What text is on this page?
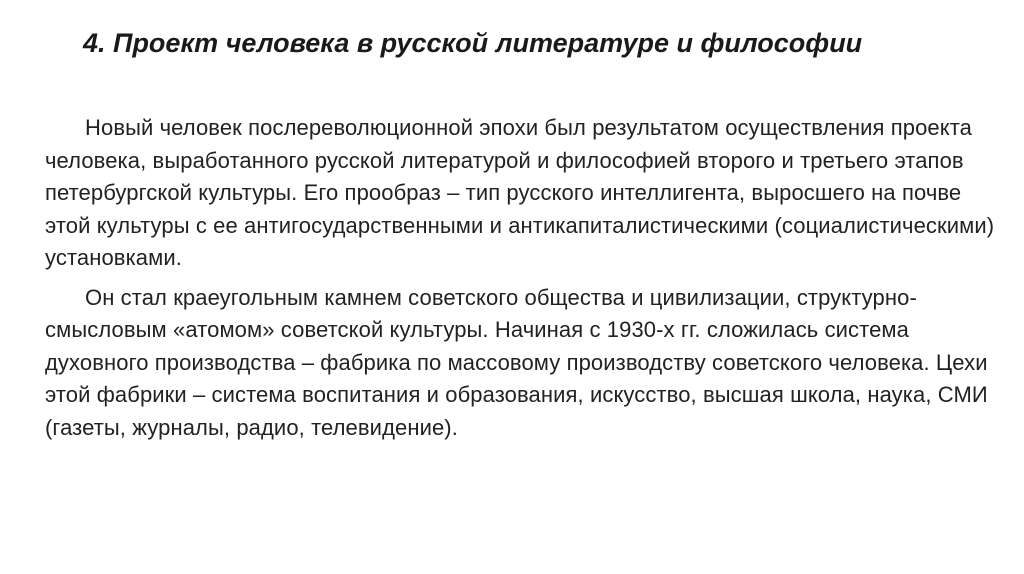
4. Проект человека в русской литературе и философии

Новый человек послереволюционной эпохи был результатом осуществления проекта человека, выработанного русской литературой и философией второго и третьего этапов петербургской культуры. Его прообраз – тип русского интеллигента, выросшего на почве этой культуры с ее антигосударственными и антикапиталистическими (социалистическими) установками.

Он стал краеугольным камнем советского общества и цивилизации, структурно-смысловым «атомом» советской культуры. Начиная с 1930-х гг. сложилась система духовного производства – фабрика по массовому производству советского человека. Цехи этой фабрики – система воспитания и образования, искусство, высшая школа, наука, СМИ (газеты, журналы, радио, телевидение).
